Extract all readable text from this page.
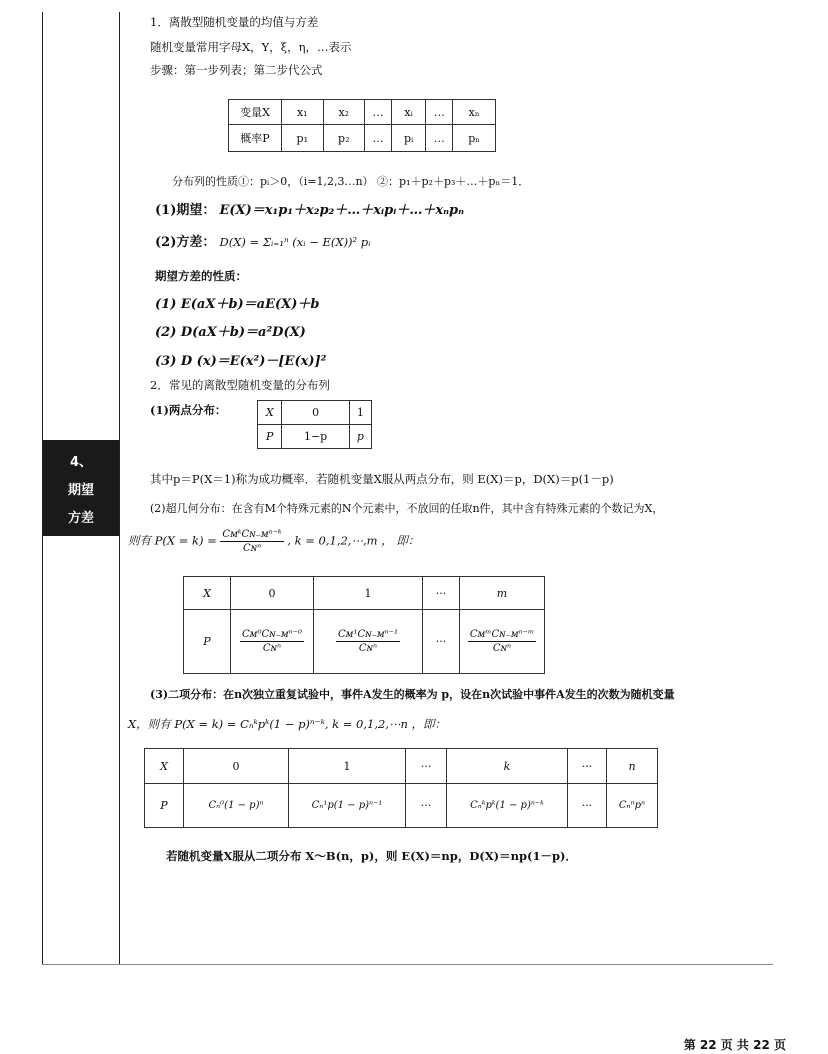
4、
期望
方差
1．离散型随机变量的均值与方差
随机变量常用字母X，Y，ξ，η，…表示
步骤：第一步列表；第二步代公式
变量X	x₁	x₂	…	xᵢ	…	xₙ
概率P	p₁	p₂	…	pᵢ	…	pₙ
分布列的性质①：pᵢ＞0，（i=1,2,3…n） ②：p₁＋p₂＋p₃＋…＋pₙ＝1．
(1)期望： E(X)＝x₁p₁＋x₂p₂＋…＋xᵢpᵢ＋…＋xₙpₙ
(2)方差： D(X) = Σᵢ₌₁ⁿ (xᵢ − E(X))² pᵢ
期望方差的性质：
(1) E(aX＋b)＝aE(X)＋b
(2) D(aX＋b)＝a²D(X)
(3) D (x)＝E(x²)－[E(x)]²
2．常见的离散型随机变量的分布列
(1)两点分布：	X	0	1
P	1−p	p
其中p＝P(X＝1)称为成功概率．若随机变量X服从两点分布，则 E(X)＝p，D(X)＝p(1－p)
(2)超几何分布：在含有M个特殊元素的N个元素中，不放回的任取n件，其中含有特殊元素的个数记为X，
则有 $P(X = k) = \frac{\text{CᴍᵏCɴ₋ᴍⁿ⁻ᵏ}}{\text{Cɴⁿ}}$ , k = 0,1,2,⋯,m ， 即：
X	0	1	···	m
P	$\frac{\text{Cᴍ⁰Cɴ₋ᴍⁿ⁻⁰}}{\text{Cɴⁿ}}$	$\frac{\text{Cᴍ¹Cɴ₋ᴍⁿ⁻¹}}{\text{Cɴⁿ}}$	···	$\frac{\text{CᴍᵐCɴ₋ᴍⁿ⁻ᵐ}}{\text{Cɴⁿ}}$
(3)二项分布：在n次独立重复试验中，事件A发生的概率为 p，设在n次试验中事件A发生的次数为随机变量
X，则有 P(X = k) = Cₙᵏpᵏ(1 − p)ⁿ⁻ᵏ, k = 0,1,2,⋯n ，即：
X	0	1	···	k	···	n
P	Cₙ⁰(1 − p)ⁿ	Cₙ¹p(1 − p)ⁿ⁻¹	···	Cₙᵏpᵏ(1 − p)ⁿ⁻ᵏ	···	Cₙⁿpⁿ
若随机变量X服从二项分布 X～B(n，p)，则 E(X)＝np，D(X)＝np(1－p)．
第 22 页 共 22 页
